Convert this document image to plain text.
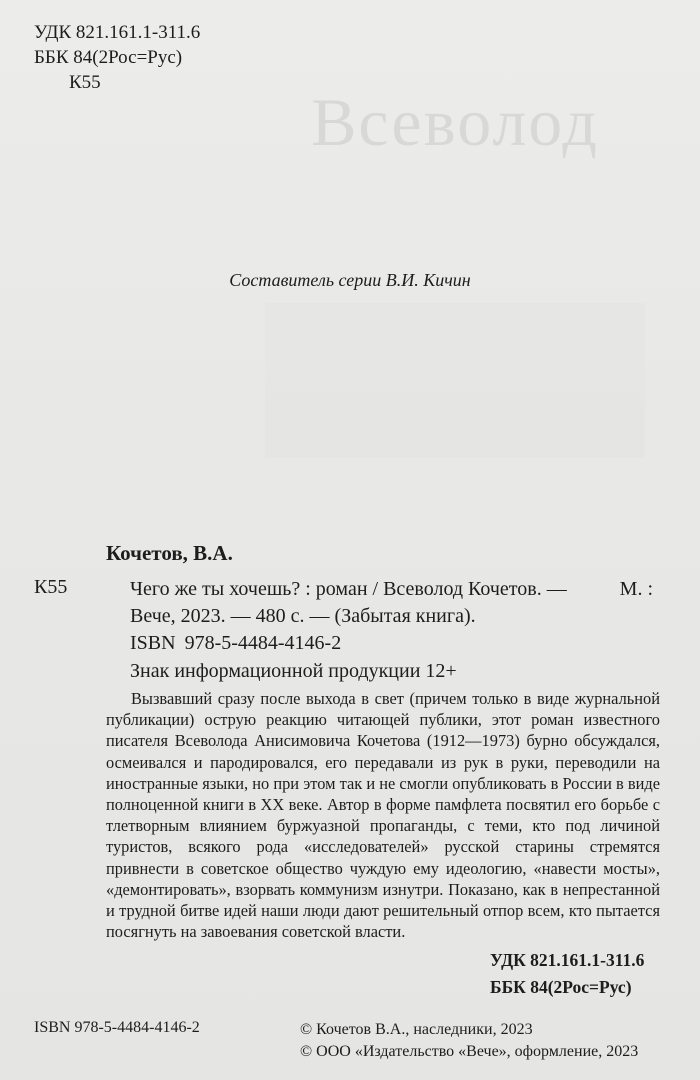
Всеволод
УДК 821.161.1-311.6
ББК 84(2Рос=Рус)
К55
Составитель серии В.И. Кичин
Кочетов, В.А.
К55	Чего же ты хочешь? : роман / Всеволод Кочетов. —	М. :
Вече, 2023. — 480 с. — (Забытая книга).
ISBN 978-5-4484-4146-2
Знак информационной продукции 12+

Вызвавший сразу после выхода в свет (причем только в виде журнальной публикации) острую реакцию читающей публики, этот роман известного писателя Всеволода Анисимовича Кочетова (1912—1973) бурно обсуждался, осмеивался и пародировался, его передавали из рук в руки, переводили на иностранные языки, но при этом так и не смогли опубликовать в России в виде полноценной книги в XX веке. Автор в форме памфлета посвятил его борьбе с тлетворным влиянием буржуазной пропаганды, с теми, кто под личиной туристов, всякого рода «исследователей» русской старины стремятся привнести в советское общество чуждую ему идеологию, «навести мосты», «демонтировать», взорвать коммунизм изнутри. Показано, как в непрестанной и трудной битве идей наши люди дают решительный отпор всем, кто пытается посягнуть на завоевания советской власти.

УДК 821.161.1-311.6
ББК 84(2Рос=Рус)
ISBN 978-5-4484-4146-2	© Кочетов В.А., наследники, 2023
© ООО «Издательство «Вече», оформление, 2023
